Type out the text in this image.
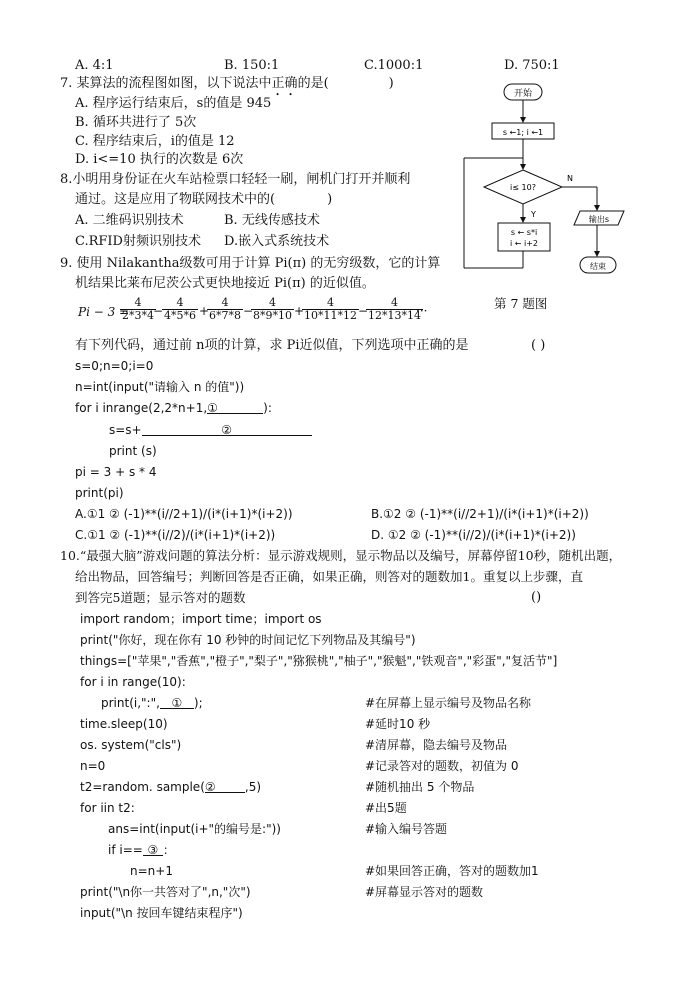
A. 4:1	B. 150:1	C.1000:1	D. 750:1
7. 某算法的流程图如图，以下说法中正确的是(	)
A. 程序运行结束后，s的值是 945
B. 循环共进行了 5次
C. 程序结束后，i的值是 12
D. i<=10 执行的次数是 6次
8.小明用身份证在火车站检票口轻轻一刷，闸机门打开并顺利
通过。这是应用了物联网技术中的(	)
A. 二维码识别技术	B. 无线传感技术
C.RFID射频识别技术 D.嵌入式系统技术
开始
s ←1; i ←1
i≤ 10?
N
输出s
结束
Y
s ← s*i
i ← i+2
第 7 题图
9. 使用 Nilakantha级数可用于计算 Pi(π) 的无穷级数，它的计算
机结果比莱布尼茨公式更快地接近 Pi(π) 的近似值。
Pi − 3 =
$\frac{4}{2*3*4}$
−
$\frac{4}{4*5*6}$ +
$\frac{4}{6*7*8}$ −
$\frac{4}{8*9*10}$ +
$\frac{4}{10*11*12}$ −
$\frac{4}{12*13*14}$
···
有下列代码，通过前 n项的计算，求 Pi近似值，下列选项中正确的是	( )
s=0;n=0;i=0
n=int(input("请输入 n 的值"))
for i inrange(2,2*n+1,①	):
s=s+	②
print (s)
pi = 3 + s * 4
print(pi)
A.①1 ② (-1)**(i//2+1)/(i*(i+1)*(i+2))	B.①2 ② (-1)**(i//2+1)/(i*(i+1)*(i+2))
C.①1 ② (-1)**(i//2)/(i*(i+1)*(i+2))	D. ①2 ② (-1)**(i//2)/(i*(i+1)*(i+2))
10.“最强大脑”游戏问题的算法分析：显示游戏规则，显示物品以及编号，屏幕停留10秒，随机出题，
给出物品，回答编号；判断回答是否正确，如果正确，则答对的题数加1。重复以上步骤，直
到答完5道题；显示答对的题数	()
import random；import time；import os
print("你好，现在你有 10 秒钟的时间记忆下列物品及其编号")
things=["苹果","香蕉","橙子","梨子","猕猴桃","柚子","猴魁","铁观音","彩蛋","复活节"]
for i in range(10):
print(i,":", ① );	#在屏幕上显示编号及物品名称
time.sleep(10)	#延时10 秒
os. system("cls")	#清屏幕，隐去编号及物品
n=0	#记录答对的题数，初值为 0
t2=random. sample(② ,5)	#随机抽出 5 个物品
for iin t2:	#出5题
ans=int(input(i+"的编号是:"))	#输入编号答题
if i== ③ ：
n=n+1	#如果回答正确，答对的题数加1
print("\n你一共答对了",n,"次")	#屏幕显示答对的题数
input("\n 按回车键结束程序")
